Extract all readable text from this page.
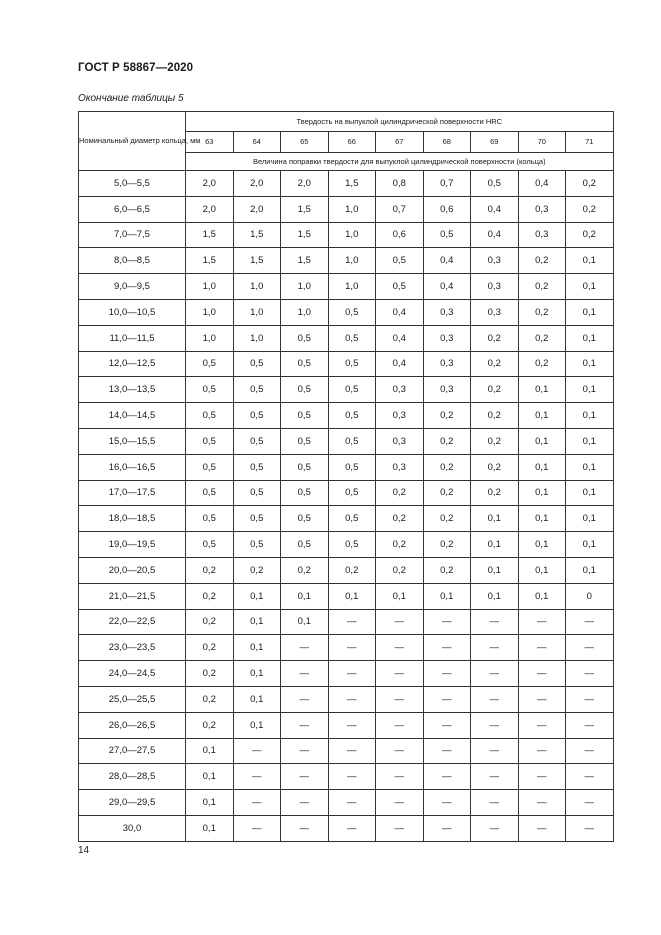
ГОСТ Р 58867—2020
Окончание таблицы 5
Номинальный диаметр кольца, мм	Твердость на выпуклой цилиндрической поверхности HRC								
	63	64	65	66	67	68	69	70	71
	Величина поправки твердости для выпуклой цилиндрической поверхности (кольца)								
5,0—5,5	2,0	2,0	2,0	1,5	0,8	0,7	0,5	0,4	0,2
6,0—6,5	2,0	2,0	1,5	1,0	0,7	0,6	0,4	0,3	0,2
7,0—7,5	1,5	1,5	1,5	1,0	0,6	0,5	0,4	0,3	0,2
8,0—8,5	1,5	1,5	1,5	1,0	0,5	0,4	0,3	0,2	0,1
9,0—9,5	1,0	1,0	1,0	1,0	0,5	0,4	0,3	0,2	0,1
10,0—10,5	1,0	1,0	1,0	0,5	0,4	0,3	0,3	0,2	0,1
11,0—11,5	1,0	1,0	0,5	0,5	0,4	0,3	0,2	0,2	0,1
12,0—12,5	0,5	0,5	0,5	0,5	0,4	0,3	0,2	0,2	0,1
13,0—13,5	0,5	0,5	0,5	0,5	0,3	0,3	0,2	0,1	0,1
14,0—14,5	0,5	0,5	0,5	0,5	0,3	0,2	0,2	0,1	0,1
15,0—15,5	0,5	0,5	0,5	0,5	0,3	0,2	0,2	0,1	0,1
16,0—16,5	0,5	0,5	0,5	0,5	0,3	0,2	0,2	0,1	0,1
17,0—17,5	0,5	0,5	0,5	0,5	0,2	0,2	0,2	0,1	0,1
18,0—18,5	0,5	0,5	0,5	0,5	0,2	0,2	0,1	0,1	0,1
19,0—19,5	0,5	0,5	0,5	0,5	0,2	0,2	0,1	0,1	0,1
20,0—20,5	0,2	0,2	0,2	0,2	0,2	0,2	0,1	0,1	0,1
21,0—21,5	0,2	0,1	0,1	0,1	0,1	0,1	0,1	0,1	0
22,0—22,5	0,2	0,1	0,1	—	—	—	—	—	—
23,0—23,5	0,2	0,1	—	—	—	—	—	—	—
24,0—24,5	0,2	0,1	—	—	—	—	—	—	—
25,0—25,5	0,2	0,1	—	—	—	—	—	—	—
26,0—26,5	0,2	0,1	—	—	—	—	—	—	—
27,0—27,5	0,1	—	—	—	—	—	—	—	—
28,0—28,5	0,1	—	—	—	—	—	—	—	—
29,0—29,5	0,1	—	—	—	—	—	—	—	—
30,0	0,1	—	—	—	—	—	—	—	—
14
